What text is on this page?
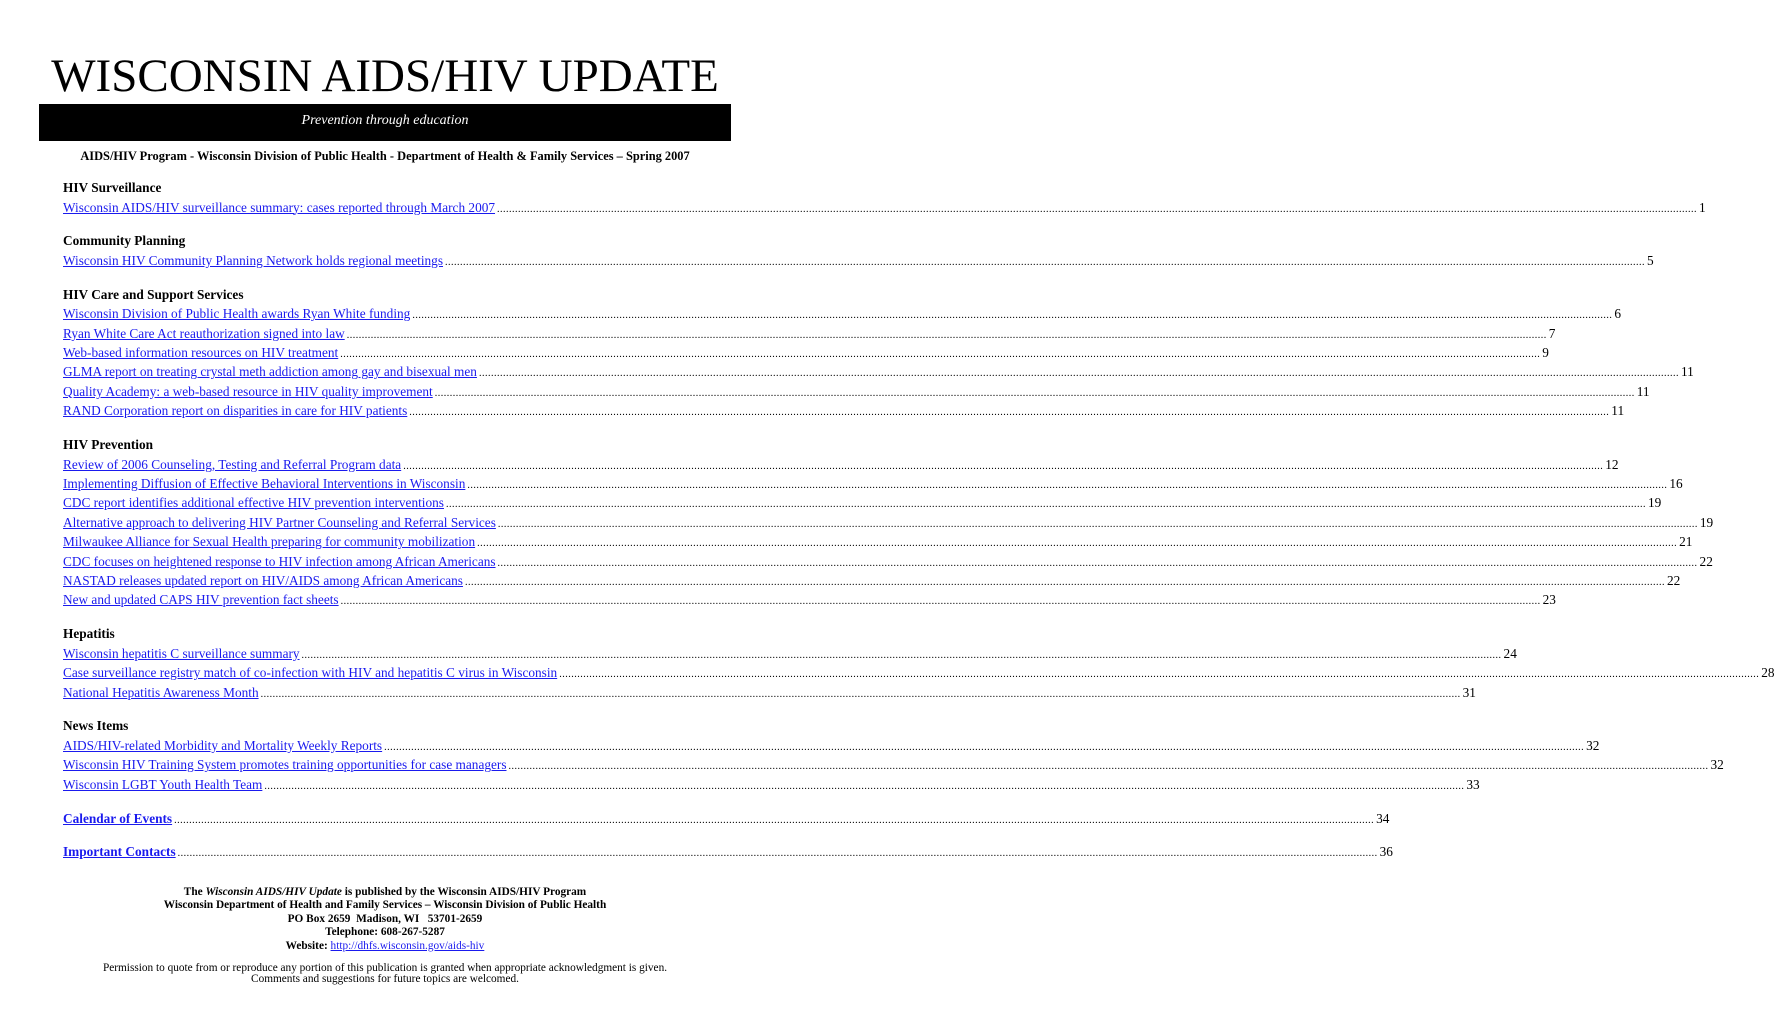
WISCONSIN AIDS/HIV UPDATE
Prevention through education
AIDS/HIV Program - Wisconsin Division of Public Health - Department of Health & Family Services – Spring 2007
HIV Surveillance
Wisconsin AIDS/HIV surveillance summary: cases reported through March 2007 ................................................................................................................................................................................................................................................................................................................................................................................................................ 1
Community Planning
Wisconsin HIV Community Planning Network holds regional meetings ................................................................................................................................................................................................................................................................................................................................................................................................................ 5
HIV Care and Support Services
Wisconsin Division of Public Health awards Ryan White funding ................................................................................................................................................................................................................................................................................................................................................................................................................ 6
Ryan White Care Act reauthorization signed into law ................................................................................................................................................................................................................................................................................................................................................................................................................ 7
Web-based information resources on HIV treatment ................................................................................................................................................................................................................................................................................................................................................................................................................ 9
GLMA report on treating crystal meth addiction among gay and bisexual men ................................................................................................................................................................................................................................................................................................................................................................................................................ 11
Quality Academy: a web-based resource in HIV quality improvement ................................................................................................................................................................................................................................................................................................................................................................................................................ 11
RAND Corporation report on disparities in care for HIV patients ................................................................................................................................................................................................................................................................................................................................................................................................................ 11
HIV Prevention
Review of 2006 Counseling, Testing and Referral Program data ................................................................................................................................................................................................................................................................................................................................................................................................................ 12
Implementing Diffusion of Effective Behavioral Interventions in Wisconsin ................................................................................................................................................................................................................................................................................................................................................................................................................ 16
CDC report identifies additional effective HIV prevention interventions ................................................................................................................................................................................................................................................................................................................................................................................................................ 19
Alternative approach to delivering HIV Partner Counseling and Referral Services ................................................................................................................................................................................................................................................................................................................................................................................................................ 19
Milwaukee Alliance for Sexual Health preparing for community mobilization ................................................................................................................................................................................................................................................................................................................................................................................................................ 21
CDC focuses on heightened response to HIV infection among African Americans ................................................................................................................................................................................................................................................................................................................................................................................................................ 22
NASTAD releases updated report on HIV/AIDS among African Americans ................................................................................................................................................................................................................................................................................................................................................................................................................ 22
New and updated CAPS HIV prevention fact sheets ................................................................................................................................................................................................................................................................................................................................................................................................................ 23
Hepatitis
Wisconsin hepatitis C surveillance summary ................................................................................................................................................................................................................................................................................................................................................................................................................ 24
Case surveillance registry match of co-infection with HIV and hepatitis C virus in Wisconsin ................................................................................................................................................................................................................................................................................................................................................................................................................ 28
National Hepatitis Awareness Month ................................................................................................................................................................................................................................................................................................................................................................................................................ 31
News Items
AIDS/HIV-related Morbidity and Mortality Weekly Reports ................................................................................................................................................................................................................................................................................................................................................................................................................ 32
Wisconsin HIV Training System promotes training opportunities for case managers ................................................................................................................................................................................................................................................................................................................................................................................................................ 32
Wisconsin LGBT Youth Health Team ................................................................................................................................................................................................................................................................................................................................................................................................................ 33
Calendar of Events ................................................................................................................................................................................................................................................................................................................................................................................................................ 34
Important Contacts ................................................................................................................................................................................................................................................................................................................................................................................................................ 36
The Wisconsin AIDS/HIV Update is published by the Wisconsin AIDS/HIV Program
Wisconsin Department of Health and Family Services – Wisconsin Division of Public Health
PO Box 2659  Madison, WI   53701-2659
Telephone: 608-267-5287
Website: http://dhfs.wisconsin.gov/aids-hiv
Permission to quote from or reproduce any portion of this publication is granted when appropriate acknowledgment is given.
Comments and suggestions for future topics are welcomed.
